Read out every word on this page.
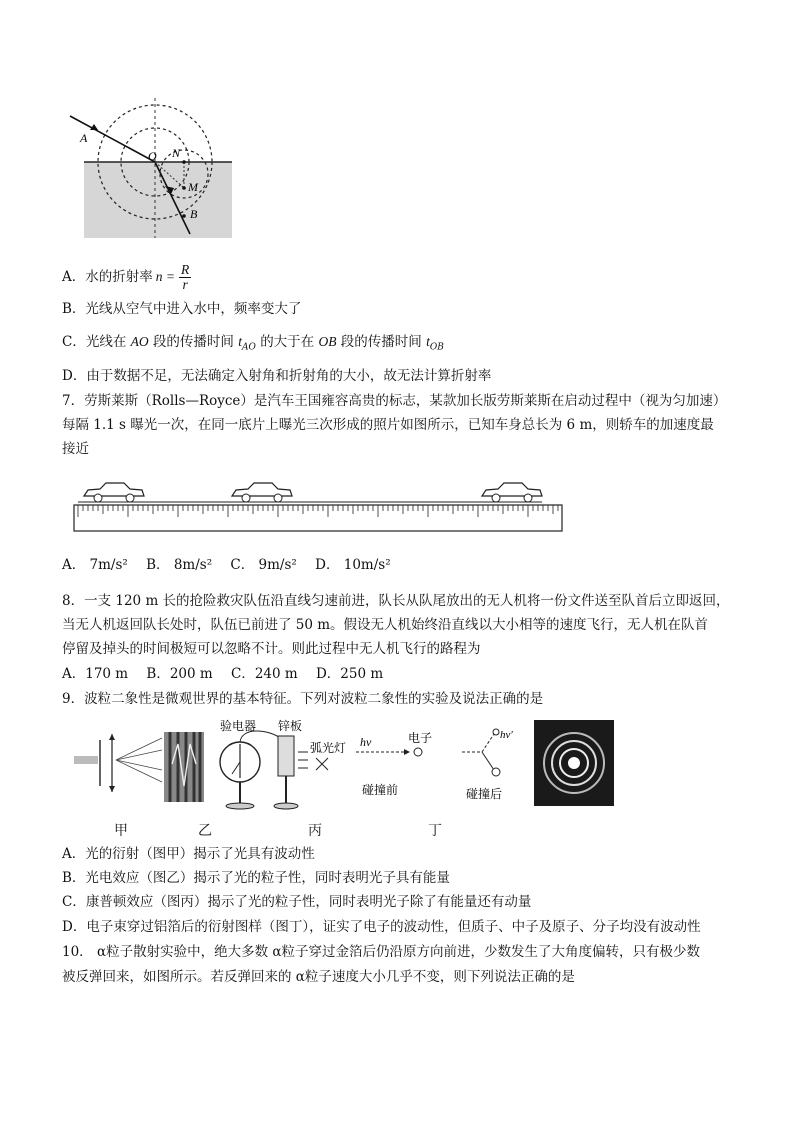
A
O N
M
B
A．水的折射率 $n = \frac{R}{r}$
B．光线从空气中进入水中，频率变大了
C．光线在 AO 段的传播时间 $t_{AO}$ 的大于在 OB 段的传播时间 $t_{OB}$
D．由于数据不足，无法确定入射角和折射角的大小，故无法计算折射率
7．劳斯莱斯（Rolls—Royce）是汽车王国雍容高贵的标志，某款加长版劳斯莱斯在启动过程中（视为匀加速）
每隔 1.1 s 曝光一次，在同一底片上曝光三次形成的照片如图所示，已知车身总长为 6 m，则轿车的加速度最
接近
A． 7m/s² B． 8m/s² C． 9m/s² D． 10m/s²
8．一支 120 m 长的抢险救灾队伍沿直线匀速前进，队长从队尾放出的无人机将一份文件送至队首后立即返回，
当无人机返回队长处时，队伍已前进了 50 m。假设无人机始终沿直线以大小相等的速度飞行，无人机在队首
停留及掉头的时间极短可以忽略不计。则此过程中无人机飞行的路程为
A．170 m B．200 m C．240 m D．250 m
9．波粒二象性是微观世界的基本特征。下列对波粒二象性的实验及说法正确的是
验电器 锌板
弧光灯 hν	电子
碰撞前
hν′
碰撞后
甲	乙	丙	丁
A．光的衍射（图甲）揭示了光具有波动性
B．光电效应（图乙）揭示了光的粒子性，同时表明光子具有能量
C．康普顿效应（图丙）揭示了光的粒子性，同时表明光子除了有能量还有动量
D．电子束穿过铝箔后的衍射图样（图丁），证实了电子的波动性，但质子、中子及原子、分子均没有波动性
10． α粒子散射实验中，绝大多数 α粒子穿过金箔后仍沿原方向前进，少数发生了大角度偏转，只有极少数
被反弹回来，如图所示。若反弹回来的 α粒子速度大小几乎不变，则下列说法正确的是
